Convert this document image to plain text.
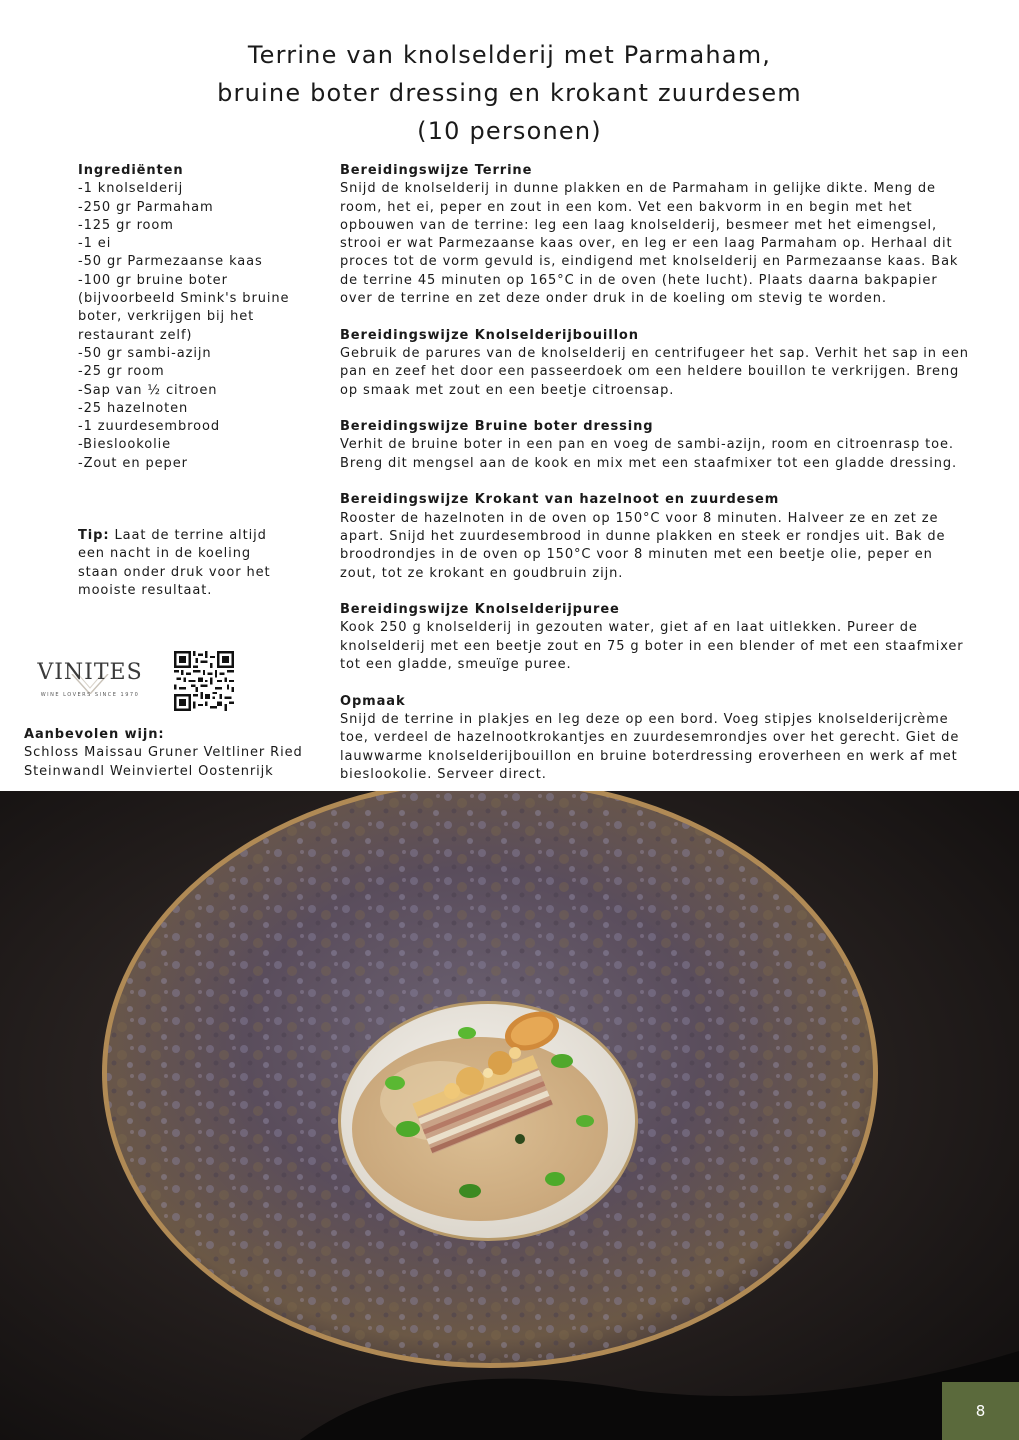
Terrine van knolselderij met Parmaham,
bruine boter dressing en krokant zuurdesem
(10 personen)
Ingrediënten
-1 knolselderij
-250 gr Parmaham
-125 gr room
-1 ei
-50 gr Parmezaanse kaas
-100 gr bruine boter (bijvoorbeeld Smink's bruine boter, verkrijgen bij het restaurant zelf)
-50 gr sambi-azijn
-25 gr room
-Sap van ½ citroen
-25 hazelnoten
-1 zuurdesembrood
-Bieslookolie
-Zout en peper
Tip: Laat de terrine altijd een nacht in de koeling staan onder druk voor het mooiste resultaat.
VINITES
WINE LOVERS SINCE 1970
Aanbevolen wijn:
Schloss Maissau Gruner Veltliner Ried Steinwandl Weinviertel Oostenrijk
Bereidingswijze Terrine

Snijd de knolselderij in dunne plakken en de Parmaham in gelijke dikte. Meng de room, het ei, peper en zout in een kom. Vet een bakvorm in en begin met het opbouwen van de terrine: leg een laag knolselderij, besmeer met het eimengsel, strooi er wat Parmezaanse kaas over, en leg er een laag Parmaham op. Herhaal dit proces tot de vorm gevuld is, eindigend met knolselderij en Parmezaanse kaas. Bak de terrine 45 minuten op 165°C in de oven (hete lucht). Plaats daarna bakpapier over de terrine en zet deze onder druk in de koeling om stevig te worden.

Bereidingswijze Knolselderijbouillon

Gebruik de parures van de knolselderij en centrifugeer het sap. Verhit het sap in een pan en zeef het door een passeerdoek om een heldere bouillon te verkrijgen. Breng op smaak met zout en een beetje citroensap.

Bereidingswijze Bruine boter dressing

Verhit de bruine boter in een pan en voeg de sambi-azijn, room en citroenrasp toe. Breng dit mengsel aan de kook en mix met een staafmixer tot een gladde dressing.

Bereidingswijze Krokant van hazelnoot en zuurdesem

Rooster de hazelnoten in de oven op 150°C voor 8 minuten. Halveer ze en zet ze apart. Snijd het zuurdesembrood in dunne plakken en steek er rondjes uit. Bak de broodrondjes in de oven op 150°C voor 8 minuten met een beetje olie, peper en zout, tot ze krokant en goudbruin zijn.

Bereidingswijze Knolselderijpuree

Kook 250 g knolselderij in gezouten water, giet af en laat uitlekken. Pureer de knolselderij met een beetje zout en 75 g boter in een blender of met een staafmixer tot een gladde, smeuïge puree.

Opmaak

Snijd de terrine in plakjes en leg deze op een bord. Voeg stipjes knolselderijcrème toe, verdeel de hazelnootkrokantjes en zuurdesemrondjes over het gerecht. Giet de lauwwarme knolselderijbouillon en bruine boterdressing eroverheen en werk af met bieslookolie. Serveer direct.

8
